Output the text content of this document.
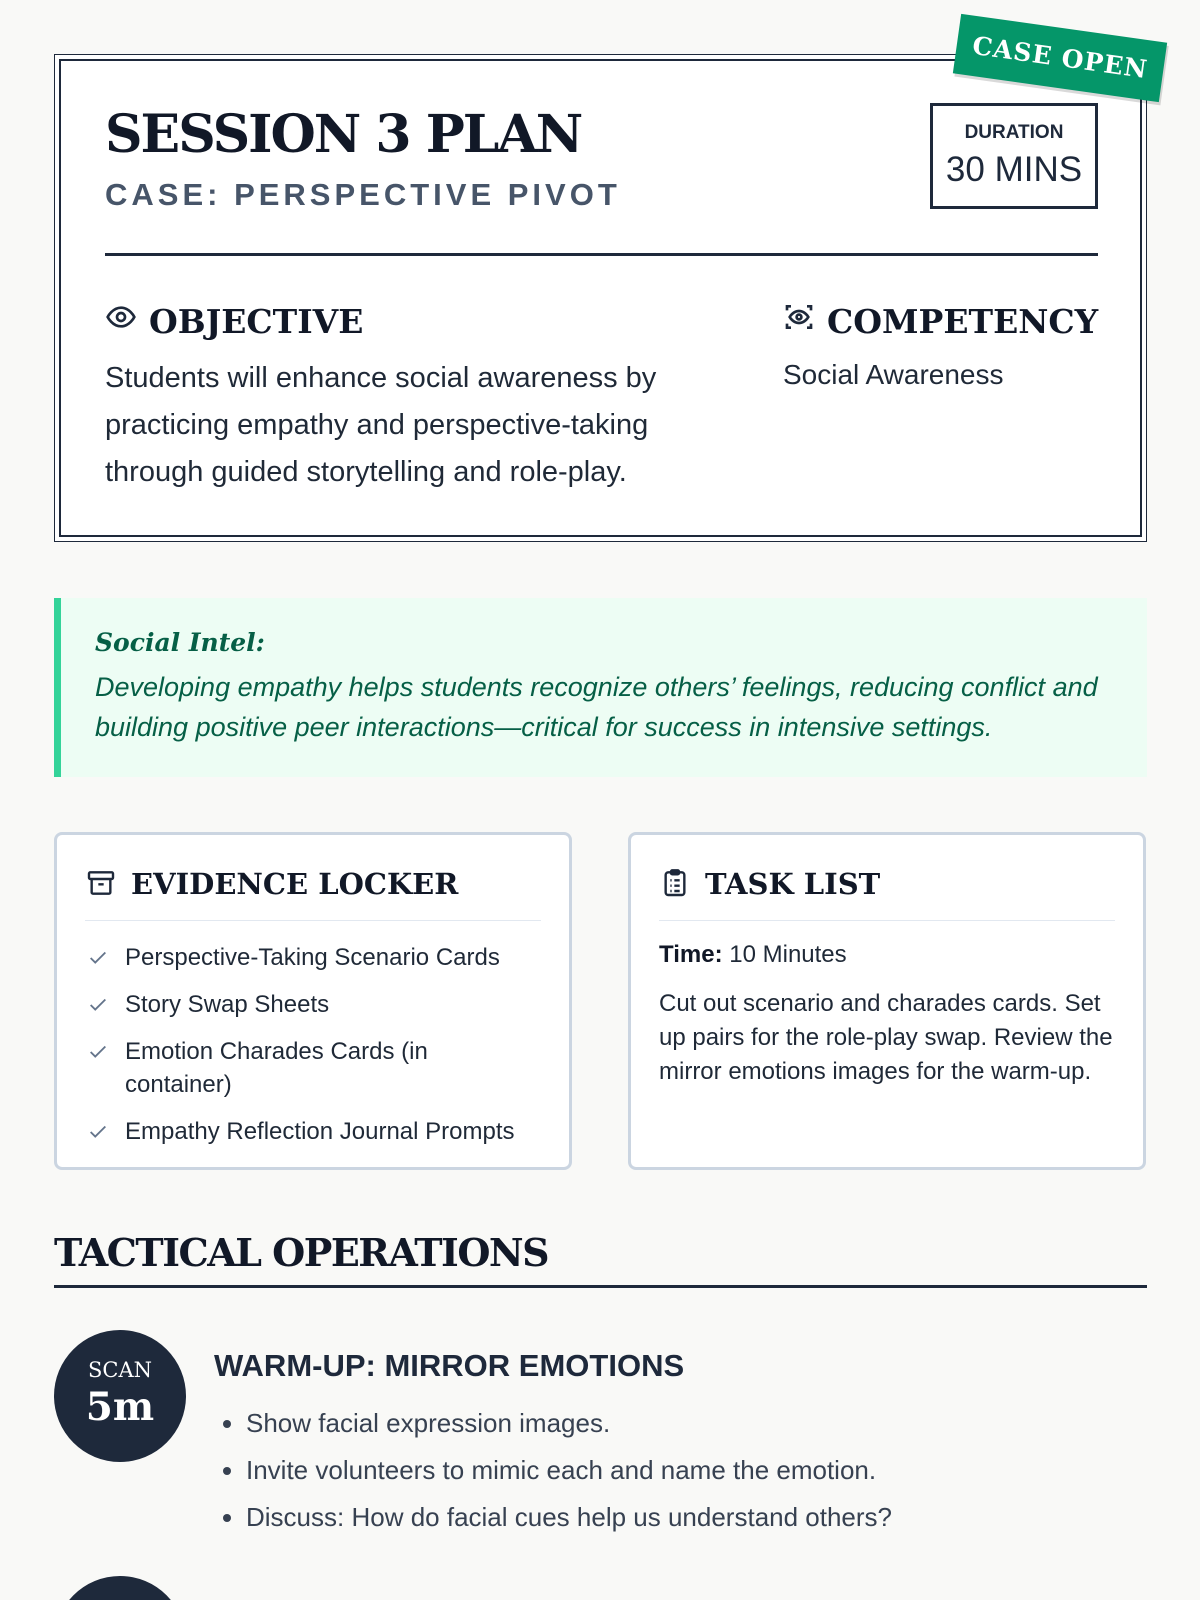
SESSION 3 PLAN
CASE: PERSPECTIVE PIVOT
DURATION
30 MINS
OBJECTIVE
Students will enhance social awareness by practicing empathy and perspective-taking through guided storytelling and role-play.
COMPETENCY
Social Awareness
CASE OPEN
Social Intel:
Developing empathy helps students recognize others’ feelings, reducing conflict and building positive peer interactions—critical for success in intensive settings.
EVIDENCE LOCKER
Perspective-Taking Scenario Cards
Story Swap Sheets
Emotion Charades Cards (in container)
Empathy Reflection Journal Prompts
TASK LIST
Time: 10 Minutes
Cut out scenario and charades cards. Set up pairs for the role-play swap. Review the mirror emotions images for the warm-up.
TACTICAL OPERATIONS
SCAN
5m
WARM-UP: MIRROR EMOTIONS
• Show facial expression images.
• Invite volunteers to mimic each and name the emotion.
• Discuss: How do facial cues help us understand others?
